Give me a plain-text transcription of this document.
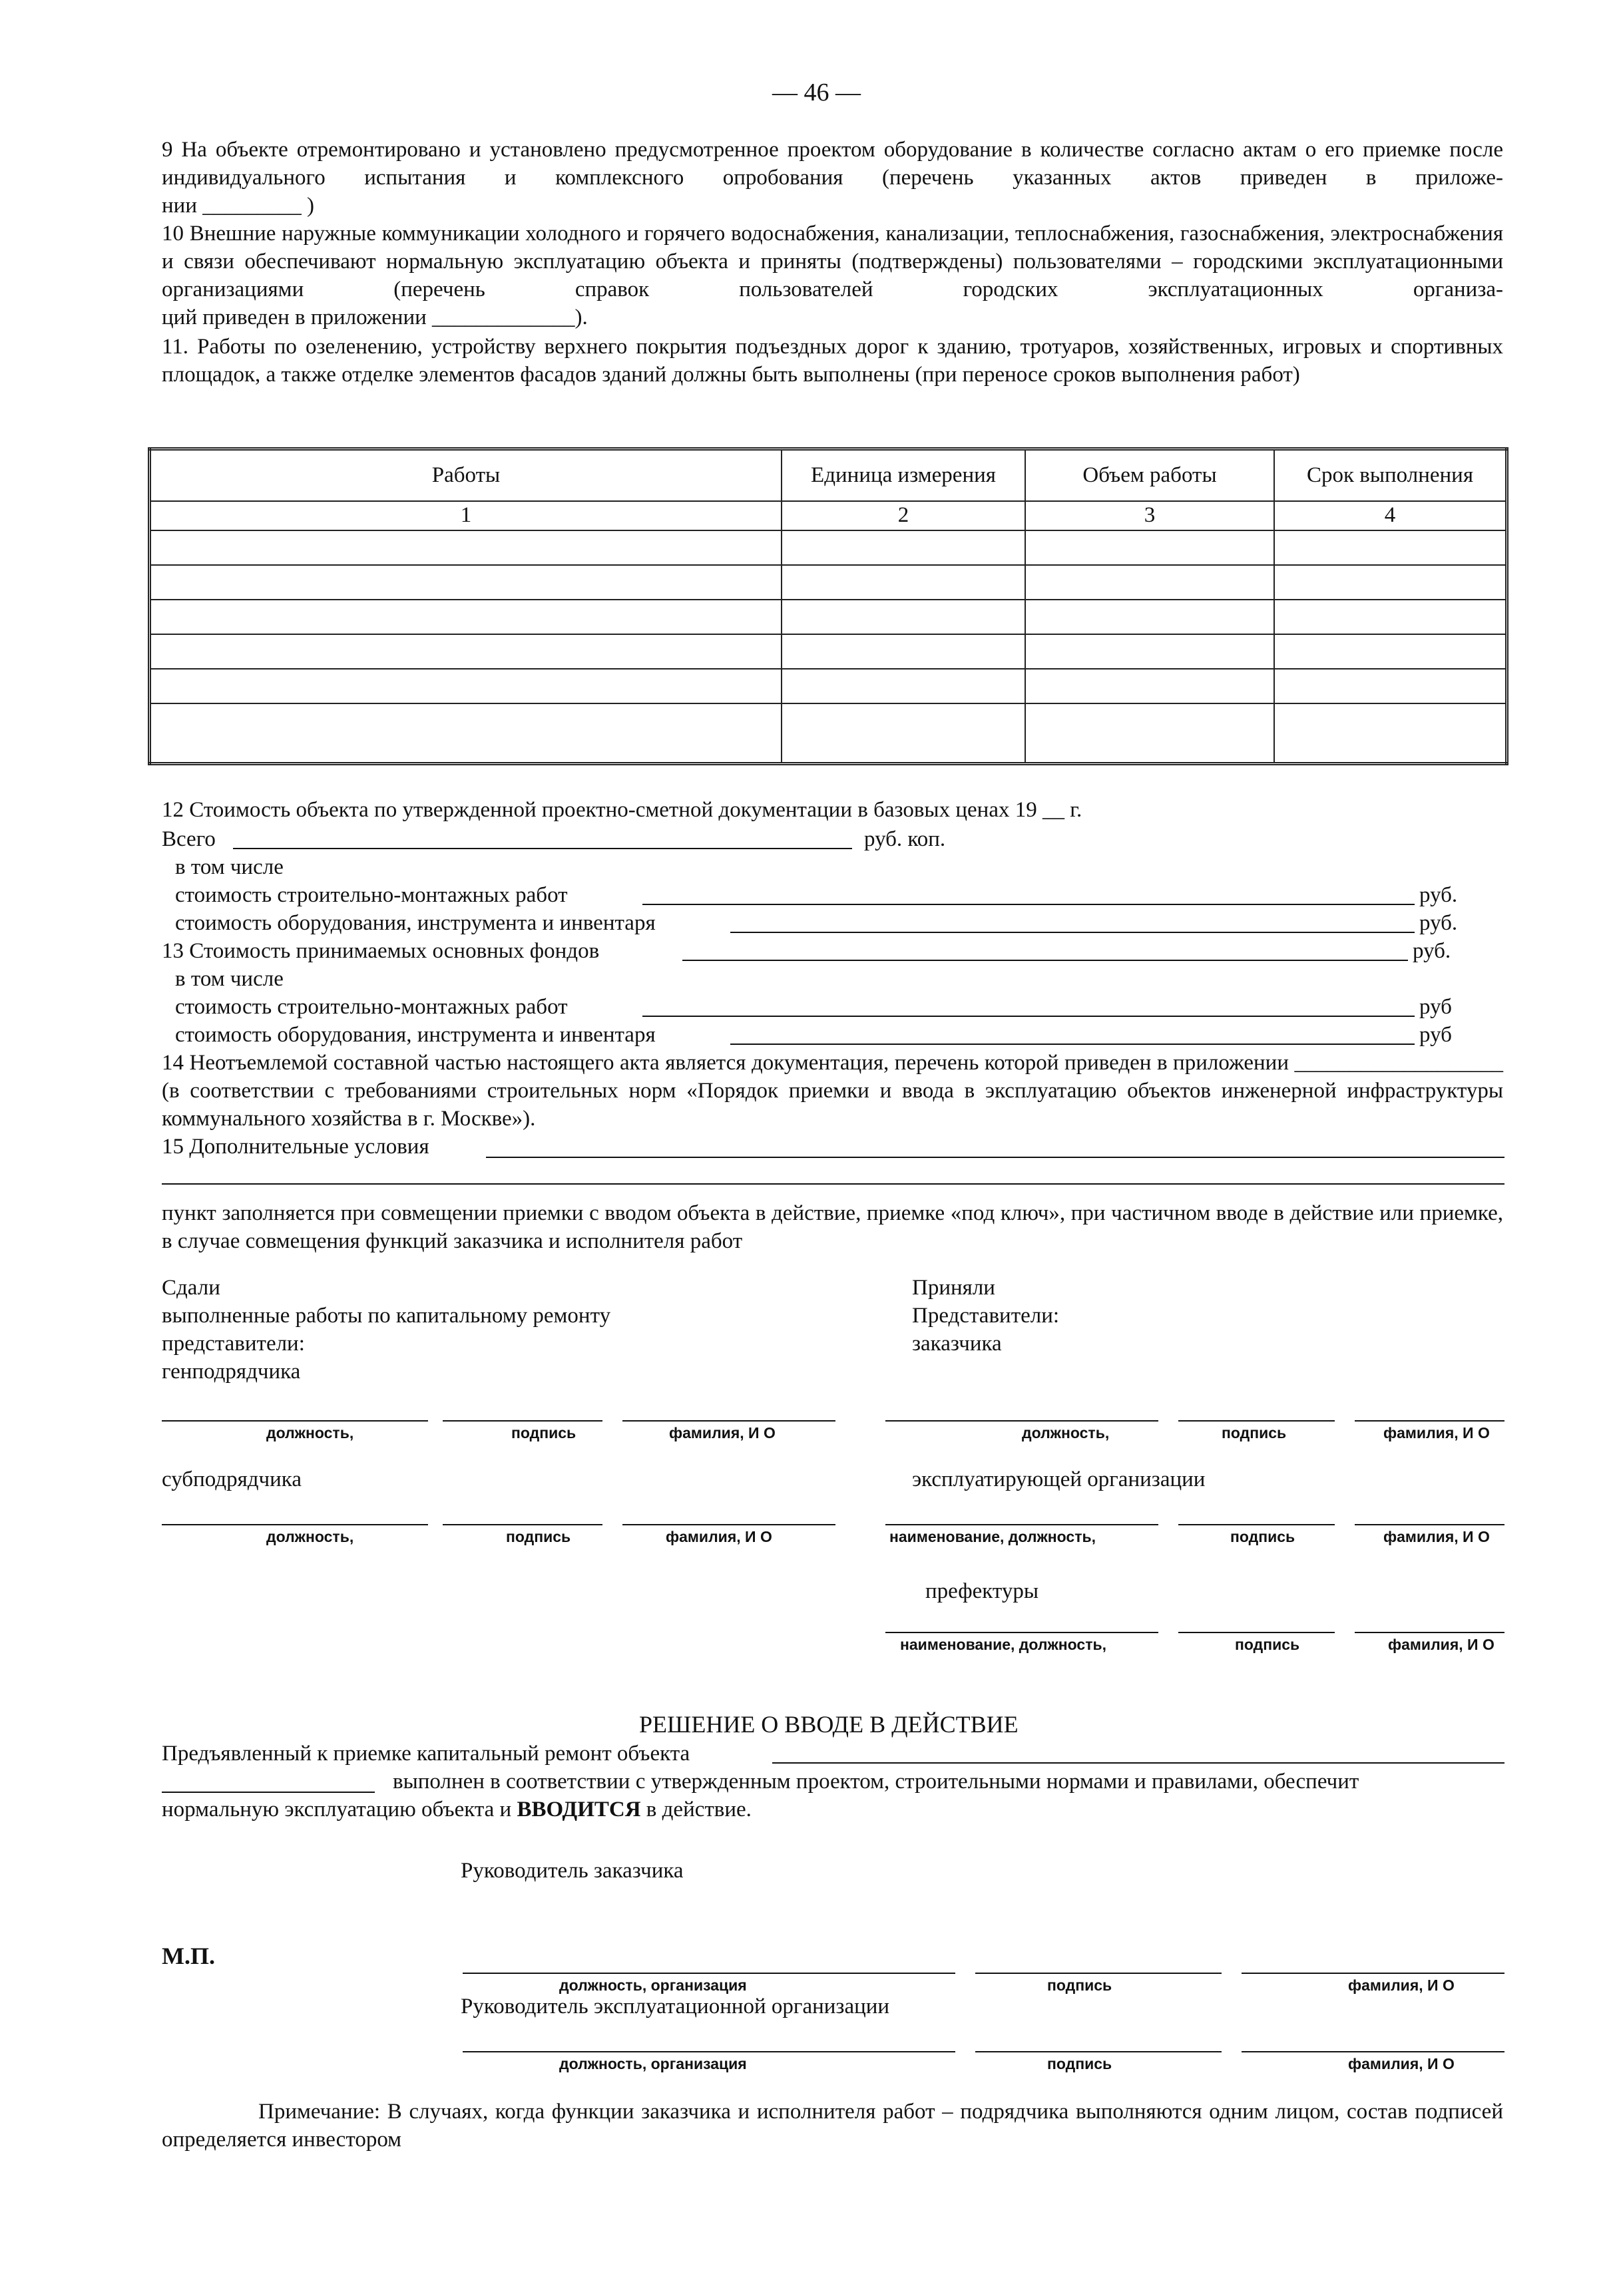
— 46 —
9 На объекте отремонтировано и установлено предусмотренное проектом оборудование в количестве согласно актам о его приемке после индивидуального испытания и комплексного опробования (перечень указанных актов приведен в приложе-
нии _________ )
10 Внешние наружные коммуникации холодного и горячего водоснабжения, канализации, теплоснабжения, газоснабжения, электроснабжения и связи обеспечивают нормальную эксплуатацию объекта и приняты (подтверждены) пользователями – городскими эксплуатационными организациями (перечень справок пользователей городских эксплуатационных организа-
ций приведен в приложении _____________).
11. Работы по озеленению, устройству верхнего покрытия подъездных дорог к зданию, тротуаров, хозяйственных, игровых и спортивных площадок, а также отделке элементов фасадов зданий должны быть выполнены (при переносе сроков выполнения работ)
Работы	Единица измерения	Объем работы	Срок выполнения
1	2	3	4

12 Стоимость объекта по утвержденной проектно-сметной документации в базовых ценах 19 __ г.
Всего	руб. коп.
в том числе
стоимость строительно-монтажных работ	руб.
стоимость оборудования, инструмента и инвентаря	руб.
13 Стоимость принимаемых основных фондов	руб.
в том числе
стоимость строительно-монтажных работ	руб
стоимость оборудования, инструмента и инвентаря	руб
14 Неотъемлемой составной частью настоящего акта является документация, перечень которой приведен в приложении ___________________ (в соответствии с требованиями строительных норм «Порядок приемки и ввода в эксплуатацию объектов инженерной инфраструктуры коммунального хозяйства в г. Москве»).
15 Дополнительные условия
пункт заполняется при совмещении приемки с вводом объекта в действие, приемке «под ключ», при частичном вводе в действие или приемке, в случае совмещения функций заказчика и исполнителя работ
Сдали
выполненные работы по капитальному ремонту
представители:
генподрядчика
Приняли
Представители:
заказчика
должность,	подпись	фамилия, И О	должность,	подпись	фамилия, И О
субподрядчика	эксплуатирующей организации
должность,	подпись	фамилия, И О	наименование, должность,	подпись	фамилия, И О
префектуры
наименование, должность,	подпись	фамилия, И О
РЕШЕНИЕ О ВВОДЕ В ДЕЙСТВИЕ
Предъявленный к приемке капитальный ремонт объекта
выполнен в соответствии с утвержденным проектом, строительными нормами и правилами, обеспечит
нормальную эксплуатацию объекта и ВВОДИТСЯ в действие.
Руководитель заказчика
М.П.
должность, организация	подпись	фамилия, И О
Руководитель эксплуатационной организации
должность, организация	подпись	фамилия, И О
Примечание: В случаях, когда функции заказчика и исполнителя работ – подрядчика выполняются одним лицом, состав подписей определяется инвестором
